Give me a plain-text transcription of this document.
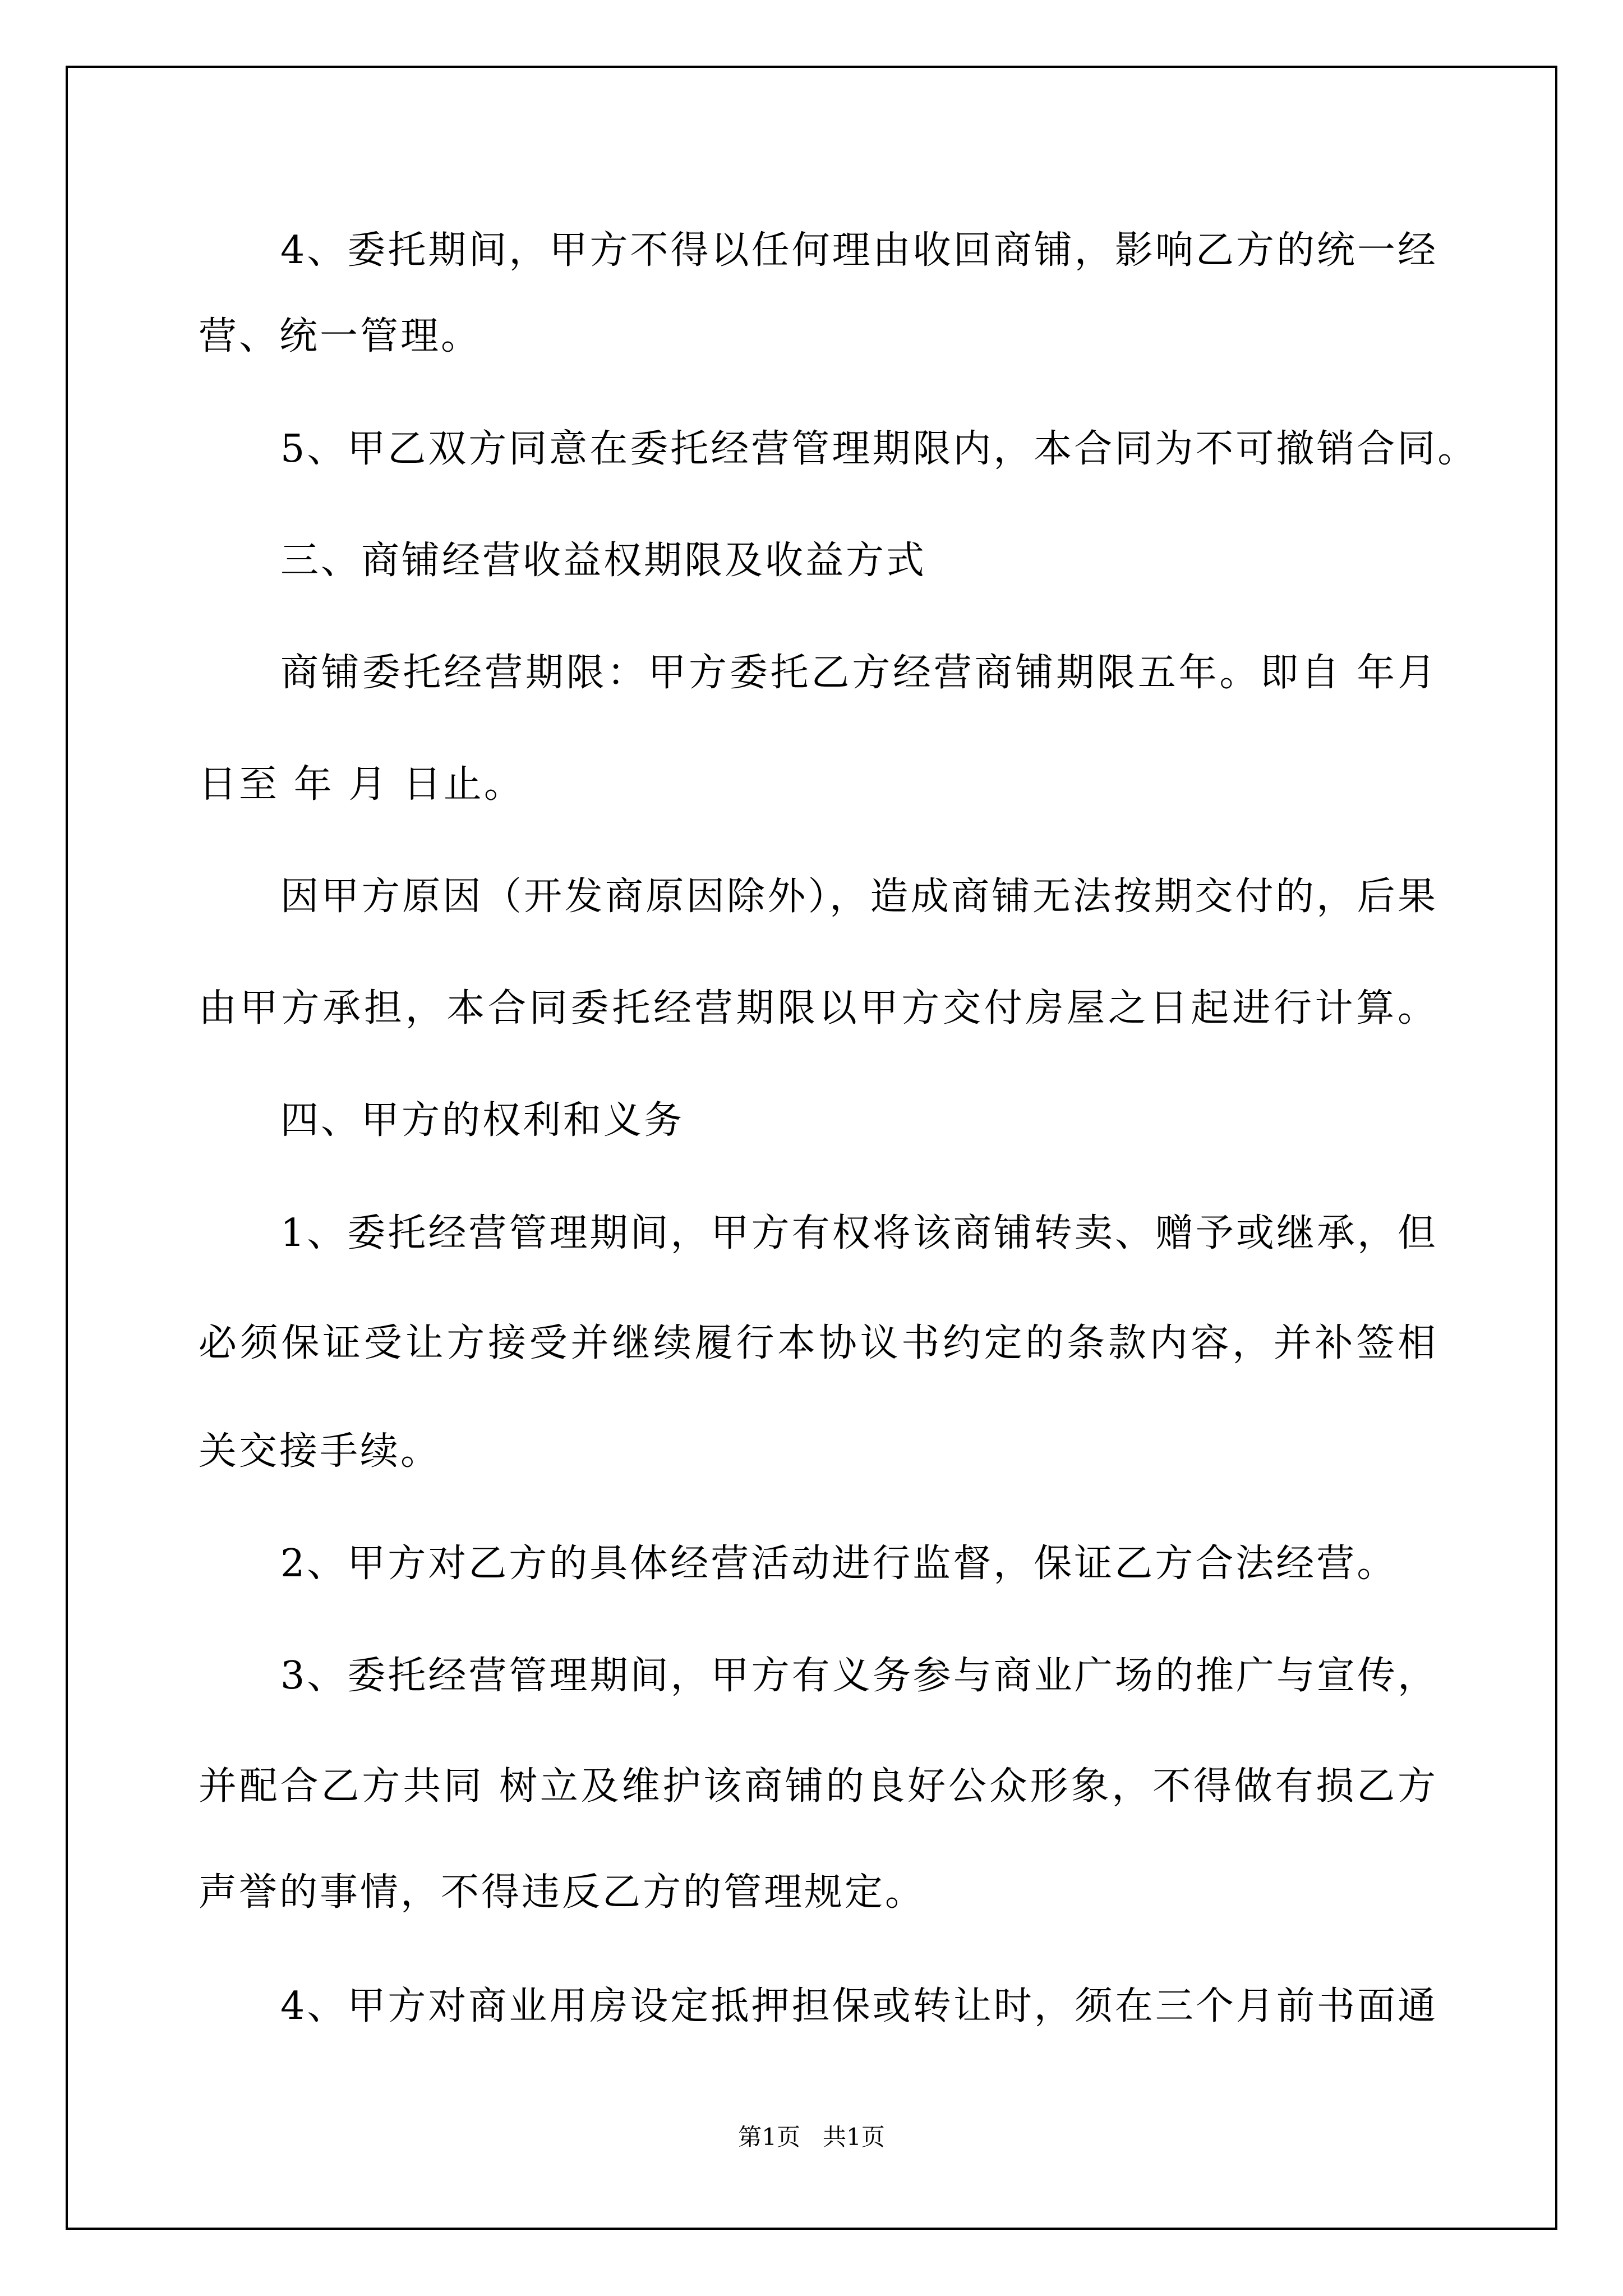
4、委托期间，甲方不得以任何理由收回商铺，影响乙方的统一经
营、统一管理。
5、甲乙双方同意在委托经营管理期限内，本合同为不可撤销合同。
三、商铺经营收益权期限及收益方式
商铺委托经营期限：甲方委托乙方经营商铺期限五年。即自 年月
日至 年 月 日止。
因甲方原因（开发商原因除外），造成商铺无法按期交付的，后果
由甲方承担，本合同委托经营期限以甲方交付房屋之日起进行计算。
四、甲方的权利和义务
1、委托经营管理期间，甲方有权将该商铺转卖、赠予或继承，但
必须保证受让方接受并继续履行本协议书约定的条款内容，并补签相
关交接手续。
2、甲方对乙方的具体经营活动进行监督，保证乙方合法经营。
3、委托经营管理期间，甲方有义务参与商业广场的推广与宣传，
并配合乙方共同 树立及维护该商铺的良好公众形象，不得做有损乙方
声誉的事情，不得违反乙方的管理规定。
4、甲方对商业用房设定抵押担保或转让时，须在三个月前书面通
第1页   共1页
